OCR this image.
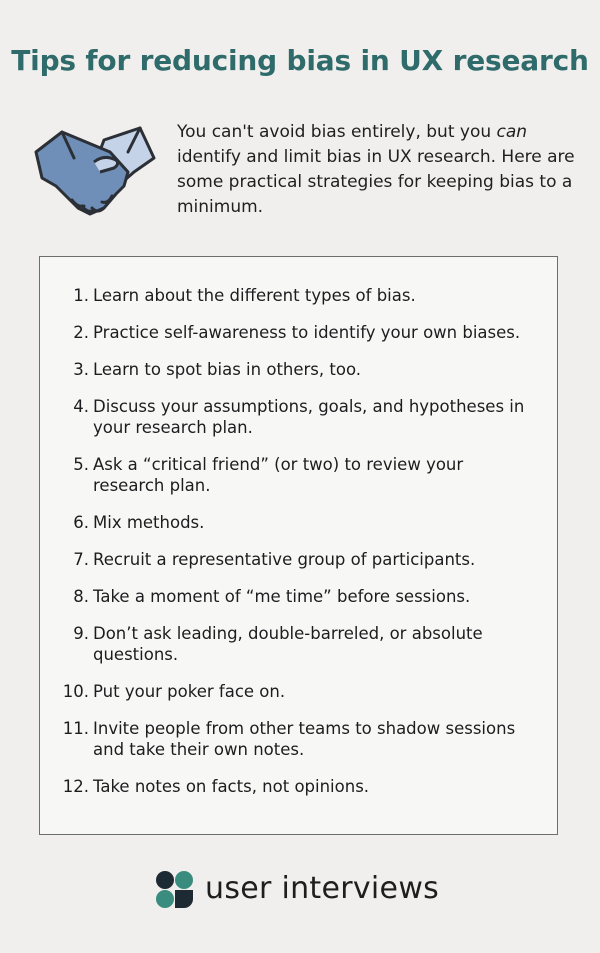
Tips for reducing bias in UX research
You can't avoid bias entirely, but you can identify and limit bias in UX research. Here are some practical strategies for keeping bias to a minimum.
1. Learn about the different types of bias.
2. Practice self-awareness to identify your own biases.
3. Learn to spot bias in others, too.
4. Discuss your assumptions, goals, and hypotheses in your research plan.
5. Ask a “critical friend” (or two) to review your research plan.
6. Mix methods.
7. Recruit a representative group of participants.
8. Take a moment of “me time” before sessions.
9. Don’t ask leading, double-barreled, or absolute questions.
10. Put your poker face on.
11. Invite people from other teams to shadow sessions and take their own notes.
12. Take notes on facts, not opinions.
user interviews
